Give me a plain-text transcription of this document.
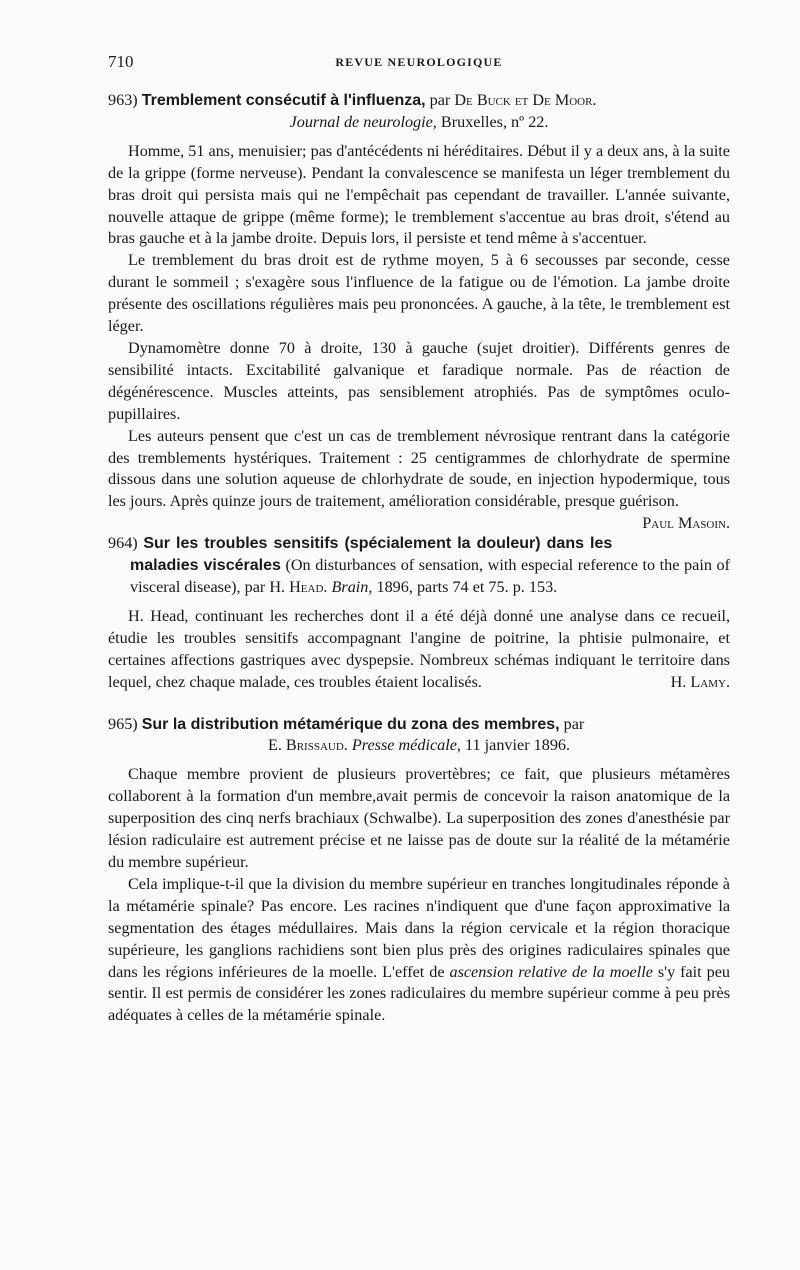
710	REVUE NEUROLOGIQUE

963) Tremblement consécutif à l'influenza, par De Buck et De Moor.

Journal de neurologie, Bruxelles, nº 22.

Homme, 51 ans, menuisier; pas d'antécédents ni héréditaires. Début il y a deux ans, à la suite de la grippe (forme nerveuse). Pendant la convalescence se manifesta un léger tremblement du bras droit qui persista mais qui ne l'empêchait pas cependant de travailler. L'année suivante, nouvelle attaque de grippe (même forme); le tremblement s'accentue au bras droit, s'étend au bras gauche et à la jambe droite. Depuis lors, il persiste et tend même à s'accentuer.

Le tremblement du bras droit est de rythme moyen, 5 à 6 secousses par seconde, cesse durant le sommeil ; s'exagère sous l'influence de la fatigue ou de l'émotion. La jambe droite présente des oscillations régulières mais peu prononcées. A gauche, à la tête, le tremblement est léger.

Dynamomètre donne 70 à droite, 130 à gauche (sujet droitier). Différents genres de sensibilité intacts. Excitabilité galvanique et faradique normale. Pas de réaction de dégénérescence. Muscles atteints, pas sensiblement atrophiés. Pas de symptômes oculo-pupillaires.

Les auteurs pensent que c'est un cas de tremblement névrosique rentrant dans la catégorie des tremblements hystériques. Traitement : 25 centigrammes de chlorhydrate de spermine dissous dans une solution aqueuse de chlorhydrate de soude, en injection hypodermique, tous les jours. Après quinze jours de traitement, amélioration considérable, presque guérison.
Paul Masoin.

964) Sur les troubles sensitifs (spécialement la douleur) dans les maladies viscérales (On disturbances of sensation, with especial reference to the pain of visceral disease), par H. Head. Brain, 1896, parts 74 et 75. p. 153.

H. Head, continuant les recherches dont il a été déjà donné une analyse dans ce recueil, étudie les troubles sensitifs accompagnant l'angine de poitrine, la phtisie pulmonaire, et certaines affections gastriques avec dyspepsie. Nombreux schémas indiquant le territoire dans lequel, chez chaque malade, ces troubles étaient localisés.	H. Lamy.

965) Sur la distribution métamérique du zona des membres, par

E. Brissaud. Presse médicale, 11 janvier 1896.

Chaque membre provient de plusieurs provertèbres; ce fait, que plusieurs métamères collaborent à la formation d'un membre,avait permis de concevoir la raison anatomique de la superposition des cinq nerfs brachiaux (Schwalbe). La superposition des zones d'anesthésie par lésion radiculaire est autrement précise et ne laisse pas de doute sur la réalité de la métamérie du membre supérieur.

Cela implique-t-il que la division du membre supérieur en tranches longitudinales réponde à la métamérie spinale? Pas encore. Les racines n'indiquent que d'une façon approximative la segmentation des étages médullaires. Mais dans la région cervicale et la région thoracique supérieure, les ganglions rachidiens sont bien plus près des origines radiculaires spinales que dans les régions inférieures de la moelle. L'effet de ascension relative de la moelle s'y fait peu sentir. Il est permis de considérer les zones radiculaires du membre supérieur comme à peu près adéquates à celles de la métamérie spinale.
